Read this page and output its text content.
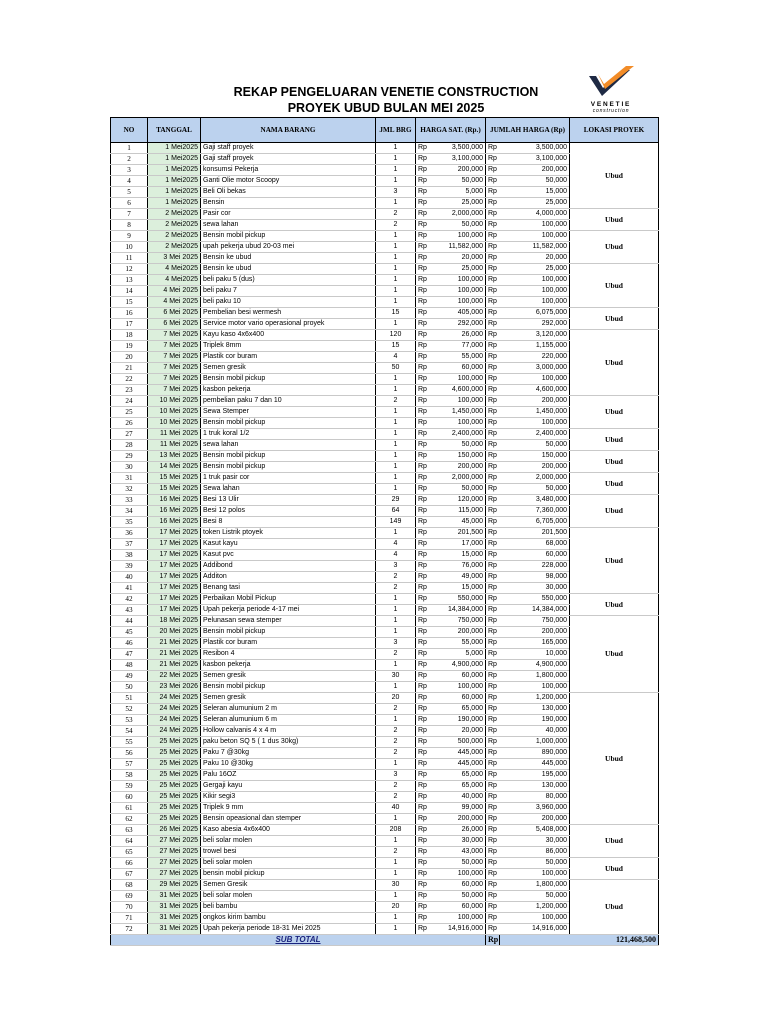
REKAP PENGELUARAN VENETIE CONSTRUCTION
PROYEK UBUD BULAN MEI 2025	VENETIE
construction
NO	TANGGAL	NAMA BARANG	JML BRG	HARGA SAT. (Rp.)		JUMLAH HARGA (Rp)		LOKASI PROYEK
1	1 Mei2025	Gaji staff proyek	1	Rp	3,500,000	Rp	3,500,000	Ubud
2	1 Mei2025	Gaji staff proyek	1	Rp	3,100,000	Rp	3,100,000	
3	1 Mei2025	konsumsi Pekerja	1	Rp	200,000	Rp	200,000	
4	1 Mei2025	Ganti Olie motor Scoopy	1	Rp	50,000	Rp	50,000	
5	1 Mei2025	Beli Oli bekas	3	Rp	5,000	Rp	15,000	
6	1 Mei2025	Bensin	1	Rp	25,000	Rp	25,000	
7	2 Mei2025	Pasir cor	2	Rp	2,000,000	Rp	4,000,000	Ubud
8	2 Mei2025	sewa lahan	2	Rp	50,000	Rp	100,000	
9	2 Mei2025	Bensin mobil pickup	1	Rp	100,000	Rp	100,000	Ubud
10	2 Mei2025	upah pekerja ubud 20-03 mei	1	Rp	11,582,000	Rp	11,582,000	
11	3 Mei 2025	Bensin ke ubud	1	Rp	20,000	Rp	20,000	
12	4 Mei2025	Bensin ke ubud	1	Rp	25,000	Rp	25,000	Ubud
13	4 Mei2025	beli paku 5 (dus)	1	Rp	100,000	Rp	100,000	
14	4 Mei 2025	beli paku 7	1	Rp	100,000	Rp	100,000	
15	4 Mei 2025	beli paku 10	1	Rp	100,000	Rp	100,000	
16	6 Mei 2025	Pembelian besi wermesh	15	Rp	405,000	Rp	6,075,000	Ubud
17	6 Mei 2025	Service motor vario operasional proyek	1	Rp	292,000	Rp	292,000	
18	7 Mei 2025	Kayu kaso 4x6x400	120	Rp	26,000	Rp	3,120,000	Ubud
19	7 Mei 2025	Triplek 8mm	15	Rp	77,000	Rp	1,155,000	
20	7 Mei 2025	Plastik cor buram	4	Rp	55,000	Rp	220,000	
21	7 Mei 2025	Semen gresik	50	Rp	60,000	Rp	3,000,000	
22	7 Mei 2025	Bensin mobil pickup	1	Rp	100,000	Rp	100,000	
23	7 Mei 2025	kasbon pekerja	1	Rp	4,600,000	Rp	4,600,000	
24	10 Mei 2025	pembelian paku 7 dan 10	2	Rp	100,000	Rp	200,000	Ubud
25	10 Mei 2025	Sewa Stemper	1	Rp	1,450,000	Rp	1,450,000	
26	10 Mei 2025	Bensin mobil pickup	1	Rp	100,000	Rp	100,000	
27	11 Mei 2025	1 truk koral 1/2	1	Rp	2,400,000	Rp	2,400,000	Ubud
28	11 Mei 2025	sewa lahan	1	Rp	50,000	Rp	50,000	
29	13 Mei 2025	Bensin mobil pickup	1	Rp	150,000	Rp	150,000	Ubud
30	14 Mei 2025	Bensin mobil pickup	1	Rp	200,000	Rp	200,000	
31	15 Mei 2025	1 truk pasir cor	1	Rp	2,000,000	Rp	2,000,000	Ubud
32	15 Mei 2025	Sewa lahan	1	Rp	50,000	Rp	50,000	
33	16 Mei 2025	Besi 13 Ulir	29	Rp	120,000	Rp	3,480,000	Ubud
34	16 Mei 2025	Besi 12 polos	64	Rp	115,000	Rp	7,360,000	
35	16 Mei 2025	Besi 8	149	Rp	45,000	Rp	6,705,000	
36	17 Mei 2025	token Listrik ptoyek	1	Rp	201,500	Rp	201,500	Ubud
37	17 Mei 2025	Kasut kayu	4	Rp	17,000	Rp	68,000	
38	17 Mei 2025	Kasut pvc	4	Rp	15,000	Rp	60,000	
39	17 Mei 2025	Addibond	3	Rp	76,000	Rp	228,000	
40	17 Mei 2025	Additon	2	Rp	49,000	Rp	98,000	
41	17 Mei 2025	Benang tasi	2	Rp	15,000	Rp	30,000	
42	17 Mei 2025	Perbaikan Mobil Pickup	1	Rp	550,000	Rp	550,000	Ubud
43	17 Mei 2025	Upah pekerja periode 4-17 mei	1	Rp	14,384,000	Rp	14,384,000	
44	18 Mei 2025	Pelunasan sewa stemper	1	Rp	750,000	Rp	750,000	Ubud
45	20 Mei 2025	Bensin mobil pickup	1	Rp	200,000	Rp	200,000	
46	21 Mei 2025	Plastik cor buram	3	Rp	55,000	Rp	165,000	
47	21 Mei 2025	Resibon 4	2	Rp	5,000	Rp	10,000	
48	21 Mei 2025	kasbon pekerja	1	Rp	4,900,000	Rp	4,900,000	
49	22 Mei 2025	Semen gresik	30	Rp	60,000	Rp	1,800,000	
50	23 Mei 2026	Bensin mobil pickup	1	Rp	100,000	Rp	100,000	
51	24 Mei 2025	Semen gresik	20	Rp	60,000	Rp	1,200,000	Ubud
52	24 Mei 2025	Seleran alumunium 2 m	2	Rp	65,000	Rp	130,000	
53	24 Mei 2025	Seleran alumunium 6 m	1	Rp	190,000	Rp	190,000	
54	24 Mei 2025	Hollow calvanis 4 x 4 m	2	Rp	20,000	Rp	40,000	
55	25 Mei 2025	paku beton SQ 5 ( 1 dus 30kg)	2	Rp	500,000	Rp	1,000,000	
56	25 Mei 2025	Paku 7 @30kg	2	Rp	445,000	Rp	890,000	
57	25 Mei 2025	Paku 10 @30kg	1	Rp	445,000	Rp	445,000	
58	25 Mei 2025	Palu 16OZ	3	Rp	65,000	Rp	195,000	
59	25 Mei 2025	Gergaji kayu	2	Rp	65,000	Rp	130,000	
60	25 Mei 2025	Kikir segi3	2	Rp	40,000	Rp	80,000	
61	25 Mei 2025	Triplek 9 mm	40	Rp	99,000	Rp	3,960,000	
62	25 Mei 2025	Bensin opeasional dan stemper	1	Rp	200,000	Rp	200,000	
63	26 Mei 2025	Kaso abesia 4x6x400	208	Rp	26,000	Rp	5,408,000	Ubud
64	27 Mei 2025	beli solar molen	1	Rp	30,000	Rp	30,000	
65	27 Mei 2025	trowel besi	2	Rp	43,000	Rp	86,000	
66	27 Mei 2025	beli solar molen	1	Rp	50,000	Rp	50,000	Ubud
67	27 Mei 2025	bensin mobil pickup	1	Rp	100,000	Rp	100,000	
68	29 Mei 2025	Semen Gresik	30	Rp	60,000	Rp	1,800,000	Ubud
69	31 Mei 2025	beli solar molen	1	Rp	50,000	Rp	50,000	
70	31 Mei 2025	beli bambu	20	Rp	60,000	Rp	1,200,000	
71	31 Mei 2025	ongkos kirim bambu	1	Rp	100,000	Rp	100,000	
72	31 Mei 2025	Upah pekerja periode 18-31 Mei 2025	1	Rp	14,916,000	Rp	14,916,000	
SUB TOTAL						Rp	121,468,500	
